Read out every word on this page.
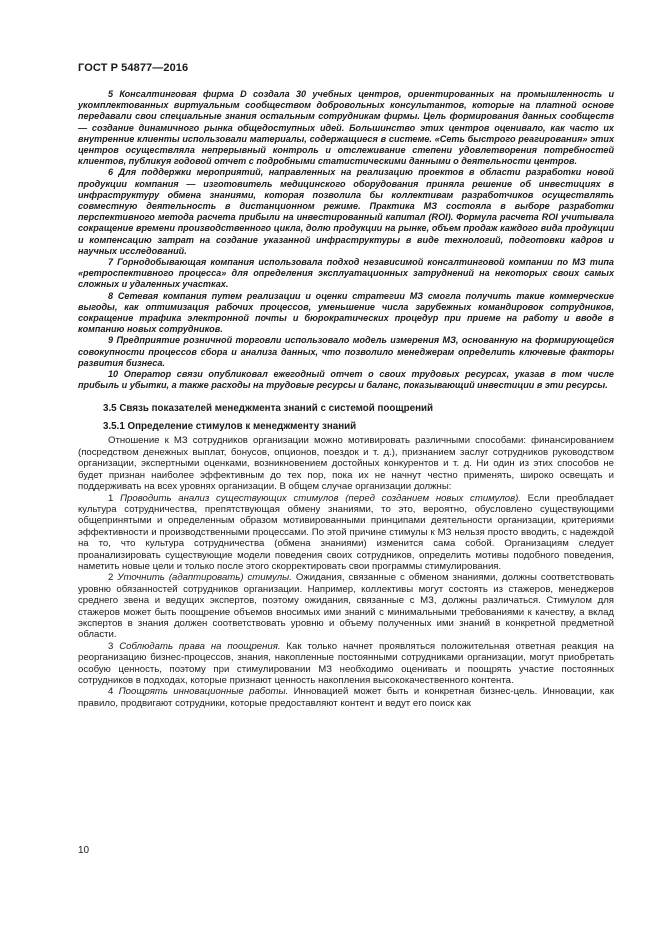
ГОСТ Р 54877—2016

5 Консалтинговая фирма D создала 30 учебных центров, ориентированных на промышленность и укомплектованных виртуальным сообществом добровольных консультантов, которые на платной основе передавали свои специальные знания остальным сотрудникам фирмы. Цель формирования данных сообществ — создание динамичного рынка общедоступных идей. Большинство этих центров оценивало, как часто их внутренние клиенты использовали материалы, содержащиеся в системе. «Сеть быстрого реагирования» этих центров осуществляла непрерывный контроль и отслеживание степени удовлетворения потребностей клиентов, публикуя годовой отчет с подробными статистическими данными о деятельности центров.

6 Для поддержки мероприятий, направленных на реализацию проектов в области разработки новой продукции компания — изготовитель медицинского оборудования приняла решение об инвестициях в инфраструктуру обмена знаниями, которая позволила бы коллективам разработчиков осуществлять совместную деятельность в дистанционном режиме. Практика МЗ состояла в выборе разработки перспективного метода расчета прибыли на инвестированный капитал (ROI). Формула расчета ROI учитывала сокращение времени производственного цикла, долю продукции на рынке, объем продаж каждого вида продукции и компенсацию затрат на создание указанной инфраструктуры в виде технологий, подготовки кадров и научных исследований.

7 Горнодобывающая компания использовала подход независимой консалтинговой компании по МЗ типа «ретроспективного процесса» для определения эксплуатационных затруднений на некоторых своих самых сложных и удаленных участках.

8 Сетевая компания путем реализации и оценки стратегии МЗ смогла получить такие коммерческие выгоды, как оптимизация рабочих процессов, уменьшение числа зарубежных командировок сотрудников, сокращение трафика электронной почты и бюрократических процедур при приеме на работу и вводе в компанию новых сотрудников.

9 Предприятие розничной торговли использовало модель измерения МЗ, основанную на формирующейся совокупности процессов сбора и анализа данных, что позволило менеджерам определить ключевые факторы развития бизнеса.

10 Оператор связи опубликовал ежегодный отчет о своих трудовых ресурсах, указав в том числе прибыль и убытки, а также расходы на трудовые ресурсы и баланс, показывающий инвестиции в эти ресурсы.

3.5 Связь показателей менеджмента знаний с системой поощрений
3.5.1 Определение стимулов к менеджменту знаний

Отношение к МЗ сотрудников организации можно мотивировать различными способами: финансированием (посредством денежных выплат, бонусов, опционов, поездок и т. д.), признанием заслуг сотрудников руководством организации, экспертными оценками, возникновением достойных конкурентов и т. д. Ни один из этих способов не будет признан наиболее эффективным до тех пор, пока их не начнут честно применять, широко освещать и поддерживать на всех уровнях организации. В общем случае организации должны:

1 Проводить анализ существующих стимулов (перед созданием новых стимулов). Если преобладает культура сотрудничества, препятствующая обмену знаниями, то это, вероятно, обусловлено существующими общепринятыми и определенным образом мотивированными принципами деятельности организации, критериями эффективности и производственными процессами. По этой причине стимулы к МЗ нельзя просто вводить, с надеждой на то, что культура сотрудничества (обмена знаниями) изменится сама собой. Организациям следует проанализировать существующие модели поведения своих сотрудников, определить мотивы подобного поведения, наметить новые цели и только после этого скорректировать свои программы стимулирования.

2 Уточнить (адаптировать) стимулы. Ожидания, связанные с обменом знаниями, должны соответствовать уровню обязанностей сотрудников организации. Например, коллективы могут состоять из стажеров, менеджеров среднего звена и ведущих экспертов, поэтому ожидания, связанные с МЗ, должны различаться. Стимулом для стажеров может быть поощрение объемов вносимых ими знаний с минимальными требованиями к качеству, а вклад экспертов в знания должен соответствовать уровню и объему полученных ими знаний в конкретной предметной области.

3 Соблюдать права на поощрения. Как только начнет проявляться положительная ответная реакция на реорганизацию бизнес-процессов, знания, накопленные постоянными сотрудниками организации, могут приобретать особую ценность, поэтому при стимулировании МЗ необходимо оценивать и поощрять участие постоянных сотрудников в подходах, которые признают ценность накопления высококачественного контента.

4 Поощрять инновационные работы. Инновацией может быть и конкретная бизнес-цель. Инновации, как правило, продвигают сотрудники, которые предоставляют контент и ведут его поиск как

10
